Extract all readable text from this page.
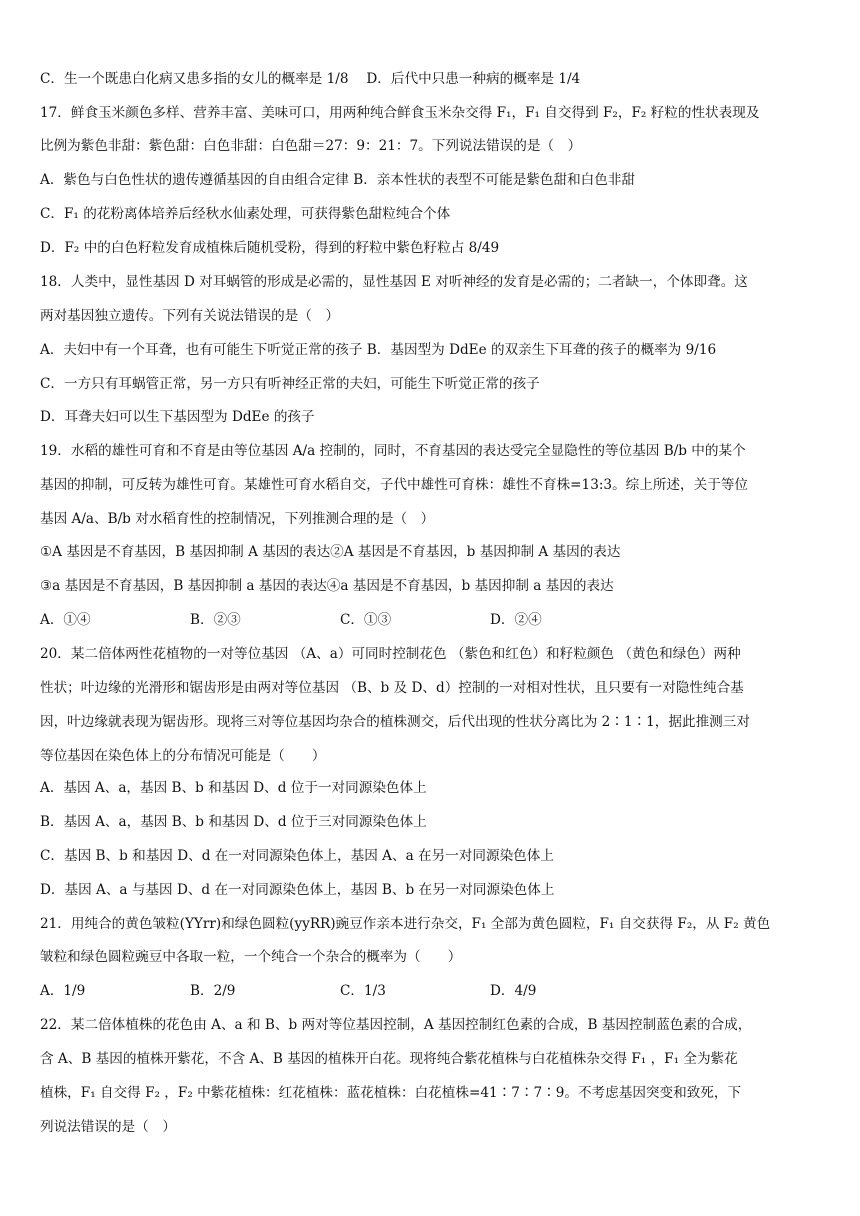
C．生一个既患白化病又患多指的女儿的概率是 1/8　 D．后代中只患一种病的概率是 1/4
17．鲜食玉米颜色多样、营养丰富、美味可口，用两种纯合鲜食玉米杂交得 F₁，F₁ 自交得到 F₂，F₂ 籽粒的性状表现及
比例为紫色非甜：紫色甜：白色非甜：白色甜＝27：9：21：7。下列说法错误的是（　）
A．紫色与白色性状的遗传遵循基因的自由组合定律 B．亲本性状的表型不可能是紫色甜和白色非甜
C．F₁ 的花粉离体培养后经秋水仙素处理，可获得紫色甜粒纯合个体
D．F₂ 中的白色籽粒发育成植株后随机受粉，得到的籽粒中紫色籽粒占 8/49
18．人类中，显性基因 D 对耳蜗管的形成是必需的，显性基因 E 对听神经的发育是必需的；二者缺一，个体即聋。这
两对基因独立遗传。下列有关说法错误的是（　）
A．夫妇中有一个耳聋，也有可能生下听觉正常的孩子 B．基因型为 DdEe 的双亲生下耳聋的孩子的概率为 9/16
C．一方只有耳蜗管正常，另一方只有听神经正常的夫妇，可能生下听觉正常的孩子
D．耳聋夫妇可以生下基因型为 DdEe 的孩子
19．水稻的雄性可育和不育是由等位基因 A/a 控制的，同时，不育基因的表达受完全显隐性的等位基因 B/b 中的某个
基因的抑制，可反转为雄性可育。某雄性可育水稻自交，子代中雄性可育株：雄性不育株=13:3。综上所述，关于等位
基因 A/a、B/b 对水稻育性的控制情况，下列推测合理的是（　）
①A 基因是不育基因，B 基因抑制 A 基因的表达②A 基因是不育基因，b 基因抑制 A 基因的表达
③a 基因是不育基因，B 基因抑制 a 基因的表达④a 基因是不育基因，b 基因抑制 a 基因的表达
A．①④	B．②③	C．①③	D．②④
20．某二倍体两性花植物的一对等位基因 （A、a）可同时控制花色 （紫色和红色）和籽粒颜色 （黄色和绿色）两种
性状；叶边缘的光滑形和锯齿形是由两对等位基因 （B、b 及 D、d）控制的一对相对性状，且只要有一对隐性纯合基
因，叶边缘就表现为锯齿形。现将三对等位基因均杂合的植株测交，后代出现的性状分离比为 2∶1∶1，据此推测三对
等位基因在染色体上的分布情况可能是（　　）
A．基因 A、a，基因 B、b 和基因 D、d 位于一对同源染色体上
B．基因 A、a，基因 B、b 和基因 D、d 位于三对同源染色体上
C．基因 B、b 和基因 D、d 在一对同源染色体上，基因 A、a 在另一对同源染色体上
D．基因 A、a 与基因 D、d 在一对同源染色体上，基因 B、b 在另一对同源染色体上
21．用纯合的黄色皱粒(YYrr)和绿色圆粒(yyRR)豌豆作亲本进行杂交，F₁ 全部为黄色圆粒，F₁ 自交获得 F₂，从 F₂ 黄色
皱粒和绿色圆粒豌豆中各取一粒，一个纯合一个杂合的概率为（　　）
A．1/9	B．2/9	C．1/3	D．4/9
22．某二倍体植株的花色由 A、a 和 B、b 两对等位基因控制，A 基因控制红色素的合成，B 基因控制蓝色素的合成，
含 A、B 基因的植株开紫花，不含 A、B 基因的植株开白花。现将纯合紫花植株与白花植株杂交得 F₁ ，F₁ 全为紫花
植株，F₁ 自交得 F₂ ，F₂ 中紫花植株：红花植株：蓝花植株：白花植株=41∶7∶7∶9。不考虑基因突变和致死，下
列说法错误的是（　）
